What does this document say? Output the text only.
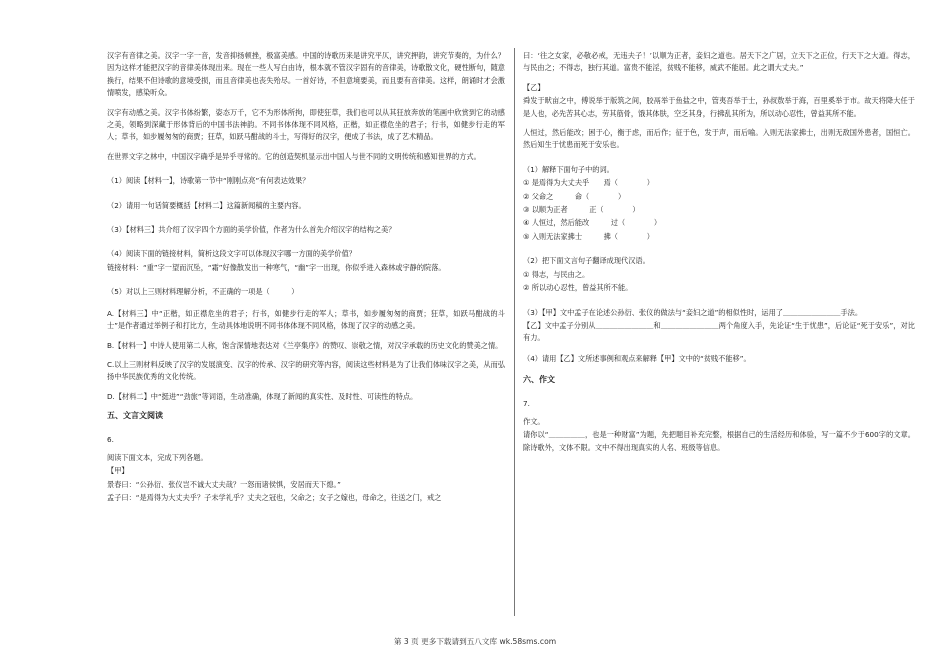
汉字有音律之美。汉字一字一音，发音抑扬顿挫，极富美感。中国的诗歌历来是讲究平仄，讲究押韵，讲究节奏的，为什么？因为这样才能把汉字的音律美体现出来。现在一些人写白由诗，根本就不管汉字固有的音律美，诗歌散文化，硬性断句，随意换行，结果不但诗歌的意境受损，而且音律美也丧失殆尽。一首好诗，不但意境要美，而且要有音律美。这样，朗诵时才会激情喷发，感染听众。

汉字有动感之美。汉字书体纷繁，姿态万千，它不为形体所拘，即使狂草，我们也可以从其狂放奔放的笔画中欣赏到它的动感之美，领略到深藏于形体背后的中国书法神韵。不同书体体现不同风格，正楷，如正襟危坐的君子；行书，如健步行走的军人；草书，如步履匆匆的商贾；狂草，如跃马酣战的斗士，写得好的汉字，便成了书法，成了艺术精品。

在世界文字之林中，中国汉字确乎是异乎寻常的。它的创造契机显示出中国人与世不同的文明传统和感知世界的方式。

（1）阅读【材料一】，诗歌第一节中“刚刚点亮”有何表达效果？

（2）请用一句话简要概括【材料二】这篇新闻稿的主要内容。

（3）【材料三】共介绍了汉字四个方面的美学价值，作者为什么首先介绍汉字的结构之美？

（4）阅读下面的链接材料，简析这段文字可以体现汉字哪一方面的美学价值？

链接材料：“重”字一望而沉坠，“霜”好像散发出一种寒气，“幽”字一出现，你似乎进入森林或宇静的院落。

（5）对以上三则材料理解分析，不正确的一项是（　　　）

A.【材料三】中“正楷，如正襟危坐的君子；行书，如健步行走的军人；草书，如步履匆匆的商贾；狂草，如跃马酣战的斗士”是作者通过举例子和打比方，生动具体地说明不同书体体现不同风格，体现了汉字的动感之美。

B.【材料一】中诗人使用第二人称，饱含深情地表达对《兰亭集序》的赞叹、崇敬之情，对汉字承载的历史文化的赞美之情。

C.以上三则材料反映了汉字的发展演变、汉字的传承、汉字的研究等内容，阅读这些材料是为了让我们体味汉字之美，从而弘扬中华民族优秀的文化传统。

D.【材料二】中“挺进”“劲旅”等词语，生动准确，体现了新闻的真实性、及时性、可读性的特点。

五、文言文阅读

6.

阅读下面文本，完成下列各题。

【甲】

景春曰：“公孙衍、张仪岂不诚大丈夫哉？一怒而诸侯惧，安居而天下熄。”

孟子曰：“是焉得为大丈夫乎？子未学礼乎？丈夫之冠也，父命之；女子之嫁也，母命之，往送之门，戒之

曰：‘往之女家，必敬必戒，无违夫子！’以顺为正者，妾妇之道也。居天下之广居，立天下之正位，行天下之大道。得志，与民由之；不得志，独行其道。富贵不能淫，贫贱不能移，威武不能屈。此之谓大丈夫。”

【乙】

舜发于畎亩之中，傅说举于版筑之间，胶鬲举于鱼盐之中，管夷吾举于士，孙叔敖举于海，百里奚举于市。故天将降大任于是人也，必先苦其心志，劳其筋骨，饿其体肤，空乏其身，行拂乱其所为，所以动心忍性，曾益其所不能。

人恒过，然后能改；困于心，衡于虑，而后作；征于色，发于声，而后喻。入则无法家拂士，出则无敌国外患者，国恒亡。然后知生于忧患而死于安乐也。

（1）解释下面句子中的词。

① 是焉得为大丈夫乎　　焉（　　　　）

② 父命之　　　命（　　　　）

③ 以顺为正者　　　正（　　　　）

④ 人恒过，然后能改　　　过（　　　　）

⑤ 入则无法家拂士　　　拂（　　　　）

（2）把下面文言句子翻译成现代汉语。

① 得志，与民由之。

② 所以动心忍性，曾益其所不能。

（3）【甲】文中孟子在论述公孙衍、张仪的做法与“妾妇之道”的相似性时，运用了＿＿＿＿＿＿＿＿手法。

【乙】文中孟子分别从＿＿＿＿＿＿＿＿和＿＿＿＿＿＿＿＿两个角度入手，先论证“生于忧患”，后论证“死于安乐”，对比有力。

（4）请用【乙】文所述事例和观点来解释【甲】文中的“贫贱不能移”。

六、作文

7.

作文。

请你以“＿＿＿＿＿，也是一种财富”为题，先把题目补充完整，根据自己的生活经历和体验，写一篇不少于600字的文章。除诗歌外，文体不限。文中不得出现真实的人名、班级等信息。

第 3 页 更多下载请到五八文库 wk.58sms.com
